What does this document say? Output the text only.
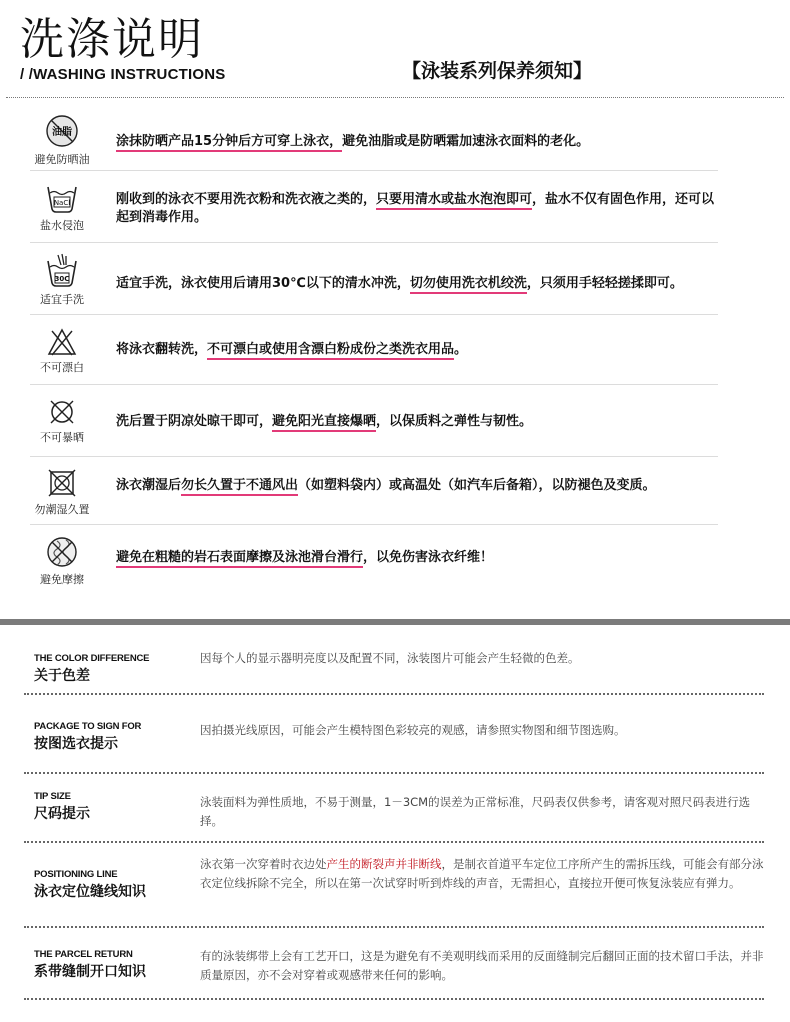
洗涤说明
/ /WASHING INSTRUCTIONS	【泳装系列保养须知】
油脂
避免防晒油
涂抹防晒产品15分钟后方可穿上泳衣，避免油脂或是防晒霜加速泳衣面料的老化。
NaCl
盐水侵泡
刚收到的泳衣不要用洗衣粉和洗衣液之类的，只要用清水或盐水泡泡即可，盐水不仅有固色作用，还可以起到消毒作用。
30C
适宜手洗
适宜手洗，泳衣使用后请用30℃以下的清水冲洗，切勿使用洗衣机绞洗，只须用手轻轻搓揉即可。
不可漂白
将泳衣翻转洗，不可漂白或使用含漂白粉成份之类洗衣用品。
不可暴晒
洗后置于阴凉处晾干即可，避免阳光直接爆晒，以保质料之弹性与韧性。
勿潮湿久置
泳衣潮湿后勿长久置于不通风出（如塑料袋内）或高温处（如汽车后备箱），以防褪色及变质。
避免摩擦
避免在粗糙的岩石表面摩擦及泳池滑台滑行，以免伤害泳衣纤维！
THE COLOR DIFFERENCE
关于色差
因每个人的显示器明亮度以及配置不同，泳装图片可能会产生轻微的色差。
PACKAGE TO SIGN FOR
按图选衣提示
因拍摄光线原因，可能会产生模特图色彩较亮的观感，请参照实物图和细节图选购。
TIP SIZE
尺码提示
泳装面料为弹性质地，不易于测量，1－3CM的误差为正常标准，尺码表仅供参考，请客观对照尺码表进行选择。
POSITIONING LINE
泳衣定位缝线知识
泳衣第一次穿着时衣边处产生的断裂声并非断线，是制衣首道平车定位工序所产生的需拆压线，可能会有部分泳衣定位线拆除不完全，所以在第一次试穿时听到炸线的声音，无需担心，直接拉开便可恢复泳装应有弹力。
THE PARCEL RETURN
系带缝制开口知识
有的泳装绑带上会有工艺开口，这是为避免有不美观明线而采用的反面缝制完后翻回正面的技术留口手法，并非质量原因，亦不会对穿着或观感带来任何的影响。
